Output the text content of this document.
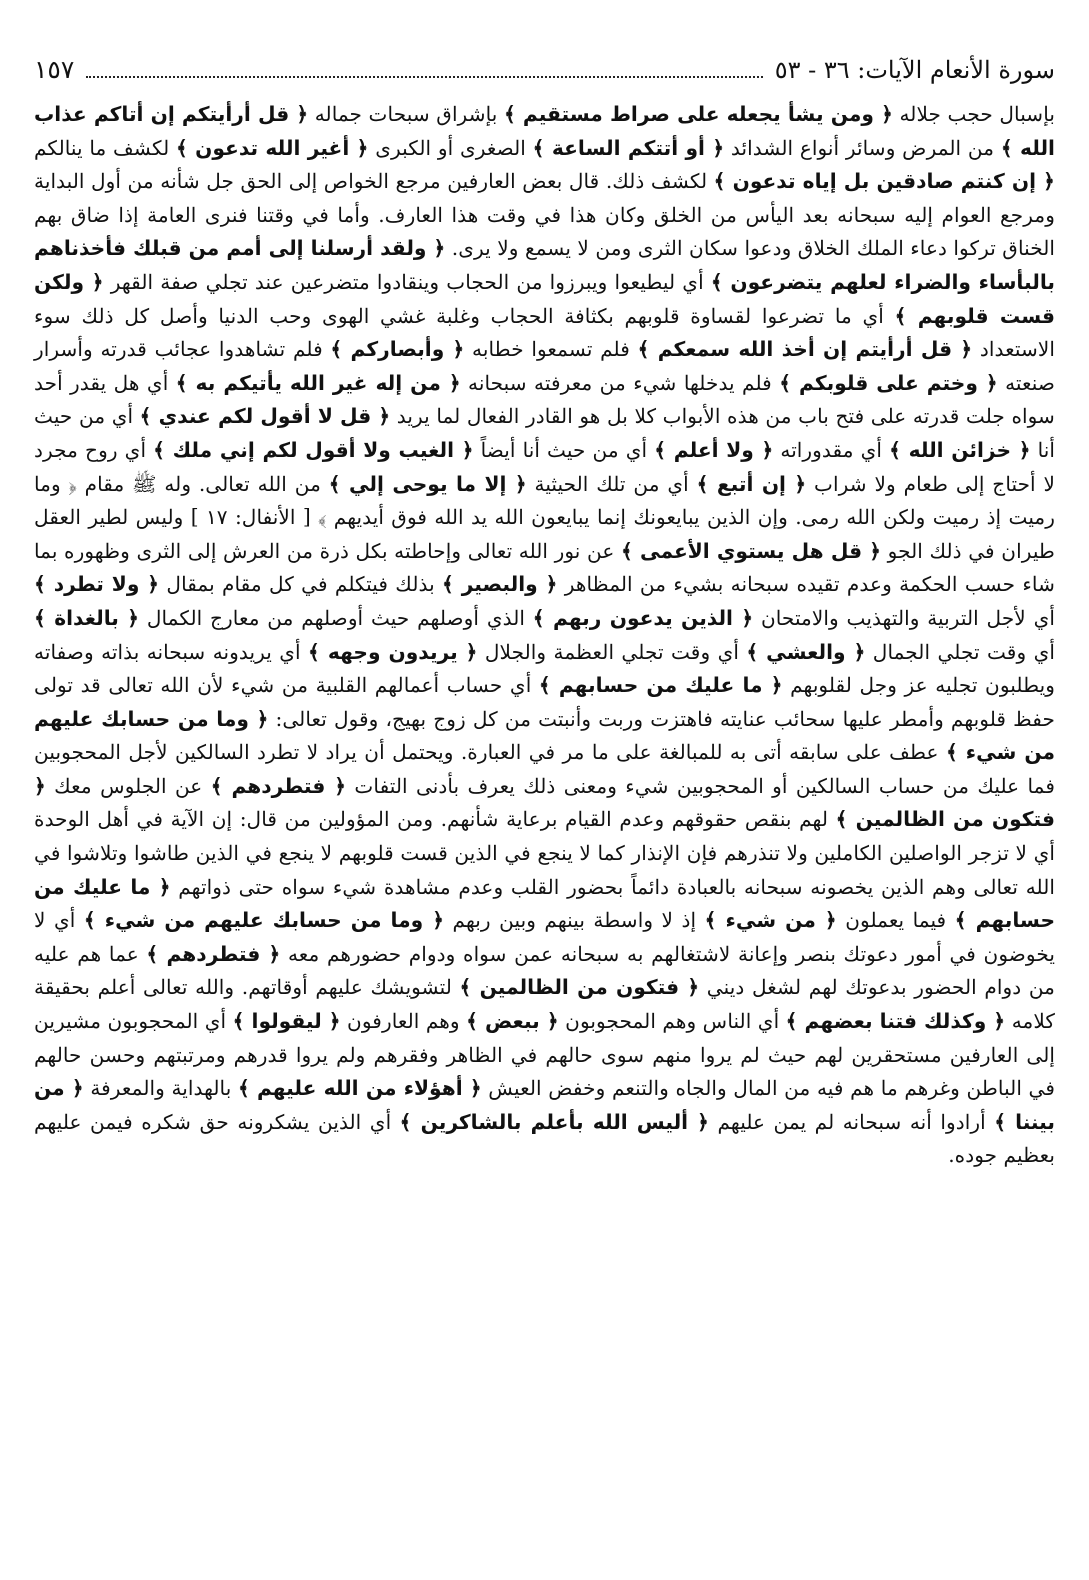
سورة الأنعام الآيات: ٣٦ - ٥٣
١٥٧
بإسبال حجب جلاله ﴿ ومن يشأ يجعله على صراط مستقيم ﴾ بإشراق سبحات جماله ﴿ قل أرأيتكم إن أتاكم عذاب الله ﴾ من المرض وسائر أنواع الشدائد ﴿ أو أتتكم الساعة ﴾ الصغرى أو الكبرى ﴿ أغير الله تدعون ﴾ لكشف ما ينالكم ﴿ إن كنتم صادقين بل إياه تدعون ﴾ لكشف ذلك. قال بعض العارفين مرجع الخواص إلى الحق جل شأنه من أول البداية ومرجع العوام إليه سبحانه بعد اليأس من الخلق وكان هذا في وقت هذا العارف. وأما في وقتنا فنرى العامة إذا ضاق بهم الخناق تركوا دعاء الملك الخلاق ودعوا سكان الثرى ومن لا يسمع ولا يرى. ﴿ ولقد أرسلنا إلى أمم من قبلك فأخذناهم بالبأساء والضراء لعلهم يتضرعون ﴾ أي ليطيعوا ويبرزوا من الحجاب وينقادوا متضرعين عند تجلي صفة القهر ﴿ ولكن قست قلوبهم ﴾ أي ما تضرعوا لقساوة قلوبهم بكثافة الحجاب وغلبة غشي الهوى وحب الدنيا وأصل كل ذلك سوء الاستعداد ﴿ قل أرأيتم إن أخذ الله سمعكم ﴾ فلم تسمعوا خطابه ﴿ وأبصاركم ﴾ فلم تشاهدوا عجائب قدرته وأسرار صنعته ﴿ وختم على قلوبكم ﴾ فلم يدخلها شيء من معرفته سبحانه ﴿ من إله غير الله يأتيكم به ﴾ أي هل يقدر أحد سواه جلت قدرته على فتح باب من هذه الأبواب كلا بل هو القادر الفعال لما يريد ﴿ قل لا أقول لكم عندي ﴾ أي من حيث أنا ﴿ خزائن الله ﴾ أي مقدوراته ﴿ ولا أعلم ﴾ أي من حيث أنا أيضاً ﴿ الغيب ولا أقول لكم إني ملك ﴾ أي روح مجرد لا أحتاج إلى طعام ولا شراب ﴿ إن أتبع ﴾ أي من تلك الحيثية ﴿ إلا ما يوحى إلي ﴾ من الله تعالى. وله ﷺ مقام ﴿ وما رميت إذ رميت ولكن الله رمى. وإن الذين يبايعونك إنما يبايعون الله يد الله فوق أيديهم ﴾ [ الأنفال: ١٧ ] وليس لطير العقل طيران في ذلك الجو ﴿ قل هل يستوي الأعمى ﴾ عن نور الله تعالى وإحاطته بكل ذرة من العرش إلى الثرى وظهوره بما شاء حسب الحكمة وعدم تقيده سبحانه بشيء من المظاهر ﴿ والبصير ﴾ بذلك فيتكلم في كل مقام بمقال ﴿ ولا تطرد ﴾ أي لأجل التربية والتهذيب والامتحان ﴿ الذين يدعون ربهم ﴾ الذي أوصلهم حيث أوصلهم من معارج الكمال ﴿ بالغداة ﴾ أي وقت تجلي الجمال ﴿ والعشي ﴾ أي وقت تجلي العظمة والجلال ﴿ يريدون وجهه ﴾ أي يريدونه سبحانه بذاته وصفاته ويطلبون تجليه عز وجل لقلوبهم ﴿ ما عليك من حسابهم ﴾ أي حساب أعمالهم القلبية من شيء لأن الله تعالى قد تولى حفظ قلوبهم وأمطر عليها سحائب عنايته فاهتزت وربت وأنبتت من كل زوج بهيج، وقول تعالى: ﴿ وما من حسابك عليهم من شيء ﴾ عطف على سابقه أتى به للمبالغة على ما مر في العبارة. ويحتمل أن يراد لا تطرد السالكين لأجل المحجوبين فما عليك من حساب السالكين أو المحجوبين شيء ومعنى ذلك يعرف بأدنى التفات ﴿ فتطردهم ﴾ عن الجلوس معك ﴿ فتكون من الظالمين ﴾ لهم بنقص حقوقهم وعدم القيام برعاية شأنهم. ومن المؤولين من قال: إن الآية في أهل الوحدة أي لا تزجر الواصلين الكاملين ولا تنذرهم فإن الإنذار كما لا ينجع في الذين قست قلوبهم لا ينجع في الذين طاشوا وتلاشوا في الله تعالى وهم الذين يخصونه سبحانه بالعبادة دائماً بحضور القلب وعدم مشاهدة شيء سواه حتى ذواتهم ﴿ ما عليك من حسابهم ﴾ فيما يعملون ﴿ من شيء ﴾ إذ لا واسطة بينهم وبين ربهم ﴿ وما من حسابك عليهم من شيء ﴾ أي لا يخوضون في أمور دعوتك بنصر وإعانة لاشتغالهم به سبحانه عمن سواه ودوام حضورهم معه ﴿ فتطردهم ﴾ عما هم عليه من دوام الحضور بدعوتك لهم لشغل ديني ﴿ فتكون من الظالمين ﴾ لتشويشك عليهم أوقاتهم. والله تعالى أعلم بحقيقة كلامه ﴿ وكذلك فتنا بعضهم ﴾ أي الناس وهم المحجوبون ﴿ ببعض ﴾ وهم العارفون ﴿ ليقولوا ﴾ أي المحجوبون مشيرين إلى العارفين مستحقرين لهم حيث لم يروا منهم سوى حالهم في الظاهر وفقرهم ولم يروا قدرهم ومرتبتهم وحسن حالهم في الباطن وغرهم ما هم فيه من المال والجاه والتنعم وخفض العيش ﴿ أهؤلاء من الله عليهم ﴾ بالهداية والمعرفة ﴿ من بيننا ﴾ أرادوا أنه سبحانه لم يمن عليهم ﴿ أليس الله بأعلم بالشاكرين ﴾ أي الذين يشكرونه حق شكره فيمن عليهم بعظيم جوده.
